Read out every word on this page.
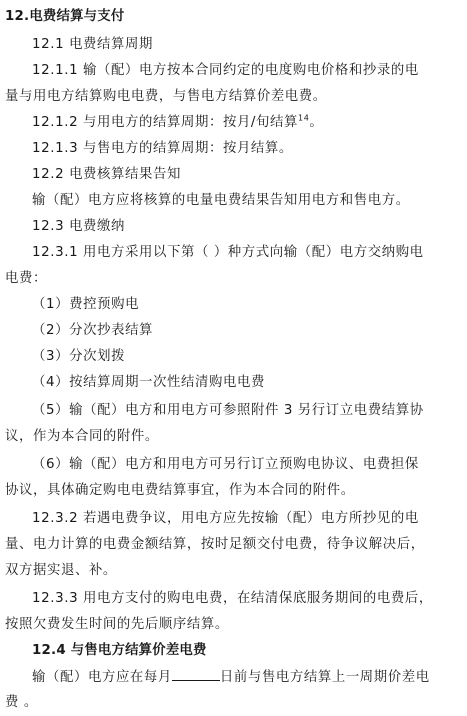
12.电费结算与支付

12.1 电费结算周期

12.1.1 输（配）电方按本合同约定的电度购电价格和抄录的电

量与用电方结算购电电费，与售电方结算价差电费。

12.1.2 与用电方的结算周期：按月/旬结算$^{14}$。

12.1.3 与售电方的结算周期：按月结算。

12.2 电费核算结果告知

输（配）电方应将核算的电量电费结果告知用电方和售电方。

12.3 电费缴纳

12.3.1 用电方采用以下第（ ）种方式向输（配）电方交纳购电

电费：

（1）费控预购电

（2）分次抄表结算

（3）分次划拨

（4）按结算周期一次性结清购电电费

（5）输（配）电方和用电方可参照附件 3 另行订立电费结算协

议，作为本合同的附件。

（6）输（配）电方和用电方可另行订立预购电协议、电费担保

协议，具体确定购电电费结算事宜，作为本合同的附件。

12.3.2 若遇电费争议，用电方应先按输（配）电方所抄见的电

量、电力计算的电费金额结算，按时足额交付电费，待争议解决后，

双方据实退、补。

12.3.3 用电方支付的购电电费，在结清保底服务期间的电费后，

按照欠费发生时间的先后顺序结算。

12.4 与售电方结算价差电费

输（配）电方应在每月	日前与售电方结算上一周期价差电

费 。
